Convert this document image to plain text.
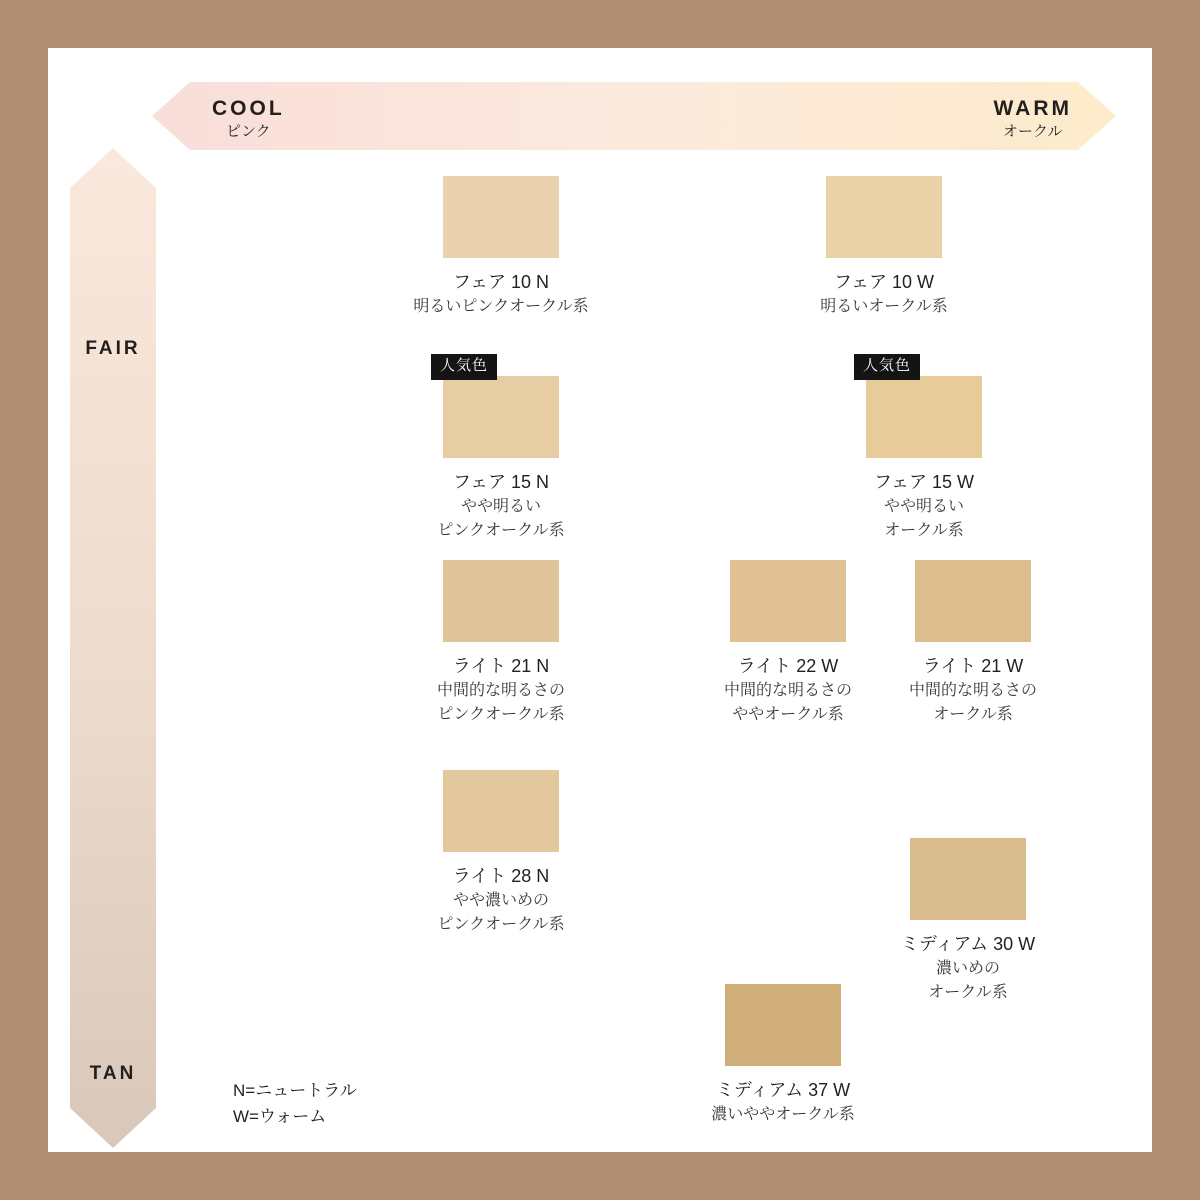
COOL
ピンク
WARM
オークル
FAIR
TAN
フェア 10 N
明るいピンクオークル系
フェア 10 W
明るいオークル系
人気色
フェア 15 N
やや明るい
ピンクオークル系
人気色
フェア 15 W
やや明るい
オークル系
ライト 21 N
中間的な明るさの
ピンクオークル系
ライト 22 W
中間的な明るさの
ややオークル系
ライト 21 W
中間的な明るさの
オークル系
ライト 28 N
やや濃いめの
ピンクオークル系
ミディアム 30 W
濃いめの
オークル系
ミディアム 37 W
濃いややオークル系
N=ニュートラル
W=ウォーム
